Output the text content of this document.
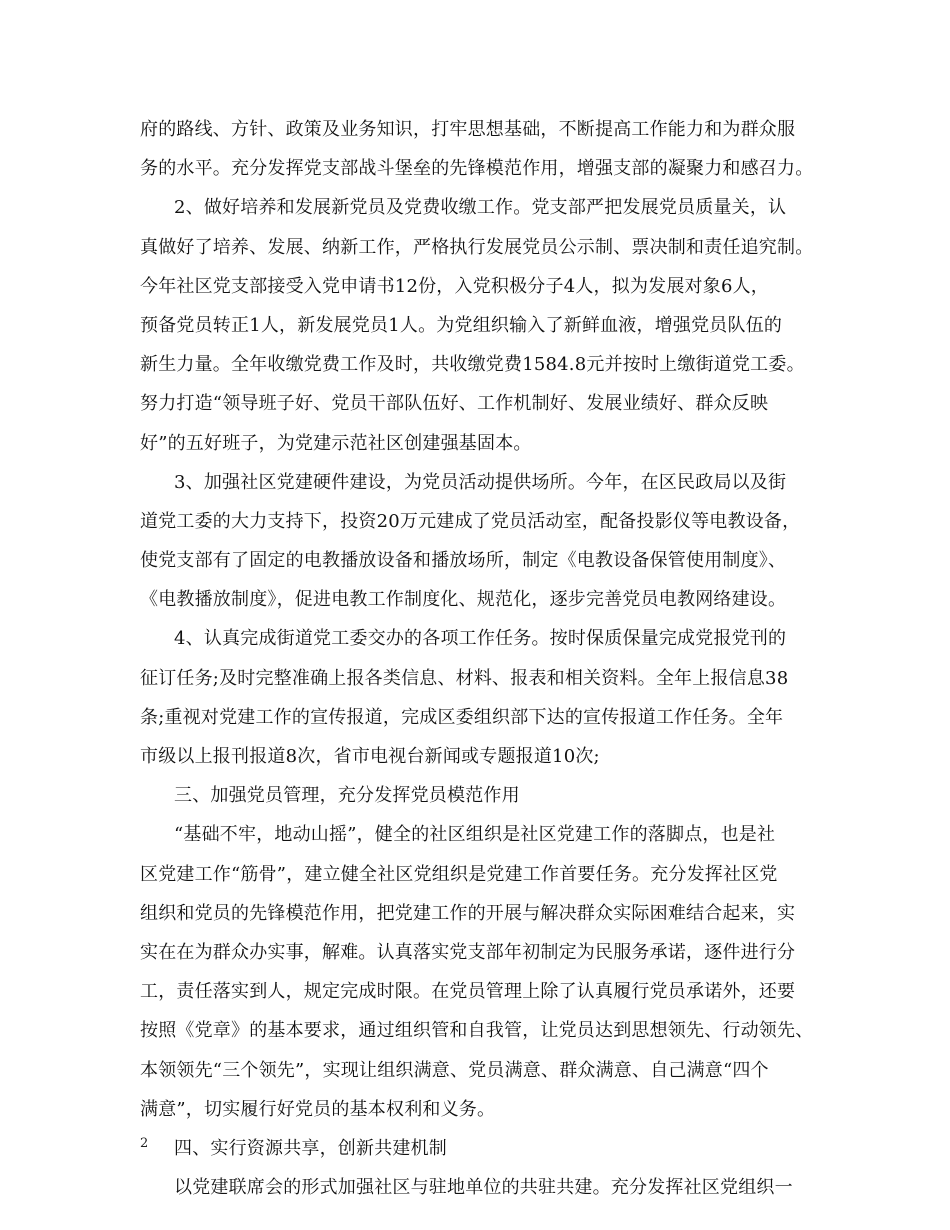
府的路线、方针、政策及业务知识，打牢思想基础，不断提高工作能力和为群众服
务的水平。充分发挥党支部战斗堡垒的先锋模范作用，增强支部的凝聚力和感召力。
2、做好培养和发展新党员及党费收缴工作。党支部严把发展党员质量关，认
真做好了培养、发展、纳新工作，严格执行发展党员公示制、票决制和责任追究制。
今年社区党支部接受入党申请书12份，入党积极分子4人，拟为发展对象6人，
预备党员转正1人，新发展党员1人。为党组织输入了新鲜血液，增强党员队伍的
新生力量。全年收缴党费工作及时，共收缴党费1584.8元并按时上缴街道党工委。
努力打造“领导班子好、党员干部队伍好、工作机制好、发展业绩好、群众反映
好”的五好班子，为党建示范社区创建强基固本。
3、加强社区党建硬件建设，为党员活动提供场所。今年，在区民政局以及街
道党工委的大力支持下，投资20万元建成了党员活动室，配备投影仪等电教设备，
使党支部有了固定的电教播放设备和播放场所，制定《电教设备保管使用制度》、
《电教播放制度》，促进电教工作制度化、规范化，逐步完善党员电教网络建设。
4、认真完成街道党工委交办的各项工作任务。按时保质保量完成党报党刊的
征订任务;及时完整准确上报各类信息、材料、报表和相关资料。全年上报信息38
条;重视对党建工作的宣传报道，完成区委组织部下达的宣传报道工作任务。全年
市级以上报刊报道8次，省市电视台新闻或专题报道10次;
三、加强党员管理，充分发挥党员模范作用
“基础不牢，地动山摇”，健全的社区组织是社区党建工作的落脚点，也是社
区党建工作“筋骨”，建立健全社区党组织是党建工作首要任务。充分发挥社区党
组织和党员的先锋模范作用，把党建工作的开展与解决群众实际困难结合起来，实
实在在为群众办实事，解难。认真落实党支部年初制定为民服务承诺，逐件进行分
工，责任落实到人，规定完成时限。在党员管理上除了认真履行党员承诺外，还要
按照《党章》的基本要求，通过组织管和自我管，让党员达到思想领先、行动领先、
本领领先“三个领先”，实现让组织满意、党员满意、群众满意、自己满意“四个
满意”，切实履行好党员的基本权利和义务。
四、实行资源共享，创新共建机制
以党建联席会的形式加强社区与驻地单位的共驻共建。充分发挥社区党组织一
2
